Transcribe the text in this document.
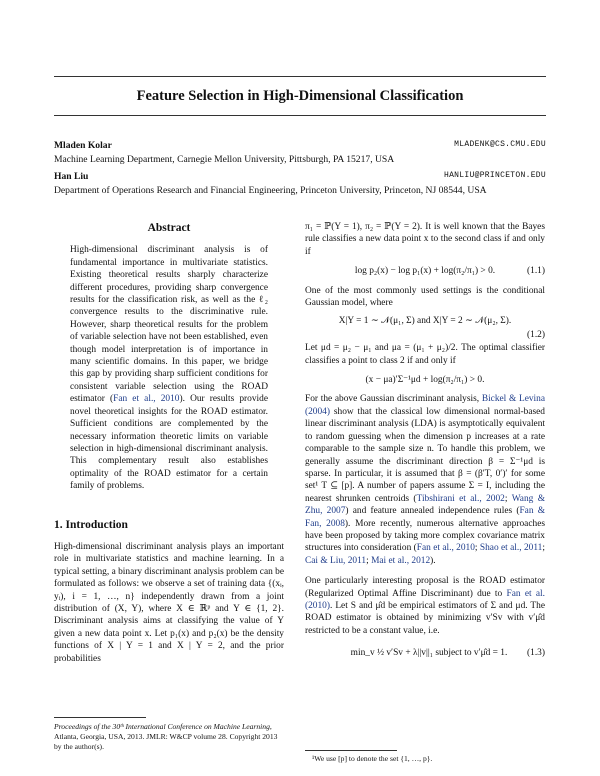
Feature Selection in High-Dimensional Classification
Mladen Kolar	MLADENK@CS.CMU.EDU
Machine Learning Department, Carnegie Mellon University, Pittsburgh, PA 15217, USA
Han Liu	HANLIU@PRINCETON.EDU
Department of Operations Research and Financial Engineering, Princeton University, Princeton, NJ 08544, USA
Abstract

High-dimensional discriminant analysis is of fundamental importance in multivariate statistics. Existing theoretical results sharply characterize different procedures, providing sharp convergence results for the classification risk, as well as the ℓ₂ convergence results to the discriminative rule. However, sharp theoretical results for the problem of variable selection have not been established, even though model interpretation is of importance in many scientific domains. In this paper, we bridge this gap by providing sharp sufficient conditions for consistent variable selection using the ROAD estimator (Fan et al., 2010). Our results provide novel theoretical insights for the ROAD estimator. Sufficient conditions are complemented by the necessary information theoretic limits on variable selection in high-dimensional discriminant analysis. This complementary result also establishes optimality of the ROAD estimator for a certain family of problems.

1. Introduction

High-dimensional discriminant analysis plays an important role in multivariate statistics and machine learning. In a typical setting, a binary discriminant analysis problem can be formulated as follows: we observe a set of training data {(xᵢ, yᵢ), i = 1, …, n} independently drawn from a joint distribution of (X, Y), where X ∈ ℝᵖ and Y ∈ {1, 2}. Discriminant analysis aims at classifying the value of Y given a new data point x. Let p₁(x) and p₂(x) be the density functions of X | Y = 1 and X | Y = 2, and the prior probabilities

Proceedings of the 30ᵗʰ International Conference on Machine Learning, Atlanta, Georgia, USA, 2013. JMLR: W&CP volume 28. Copyright 2013 by the author(s).

π₁ = ℙ(Y = 1), π₂ = ℙ(Y = 2). It is well known that the Bayes rule classifies a new data point x to the second class if and only if

log p₂(x) − log p₁(x) + log(π₂/π₁) > 0.	(1.1)

One of the most commonly used settings is the conditional Gaussian model, where

X|Y = 1 ∼ 𝒩(μ₁, Σ) and X|Y = 2 ∼ 𝒩(μ₂, Σ).
(1.2)

Let μd = μ₂ − μ₁ and μa = (μ₁ + μ₂)/2. The optimal classifier classifies a point to class 2 if and only if

(x − μa)′Σ⁻¹μd + log(π₂/π₁) > 0.

For the above Gaussian discriminant analysis, Bickel & Levina (2004) show that the classical low dimensional normal-based linear discriminant analysis (LDA) is asymptotically equivalent to random guessing when the dimension p increases at a rate comparable to the sample size n. To handle this problem, we generally assume the discriminant direction β = Σ⁻¹μd is sparse. In particular, it is assumed that β = (β′T, 0′)′ for some set¹ T ⊆ [p]. A number of papers assume Σ = I, including the nearest shrunken centroids (Tibshirani et al., 2002; Wang & Zhu, 2007) and feature annealed independence rules (Fan & Fan, 2008). More recently, numerous alternative approaches have been proposed by taking more complex covariance matrix structures into consideration (Fan et al., 2010; Shao et al., 2011; Cai & Liu, 2011; Mai et al., 2012).

One particularly interesting proposal is the ROAD estimator (Regularized Optimal Affine Discriminant) due to Fan et al. (2010). Let S and μ̂d be empirical estimators of Σ and μd. The ROAD estimator is obtained by minimizing v′Sv with v′μ̂d restricted to be a constant value, i.e.

min_v ½ v′Sv + λ||v||₁ subject to v′μ̂d = 1. (1.3)
¹We use [p] to denote the set {1, …, p}.
